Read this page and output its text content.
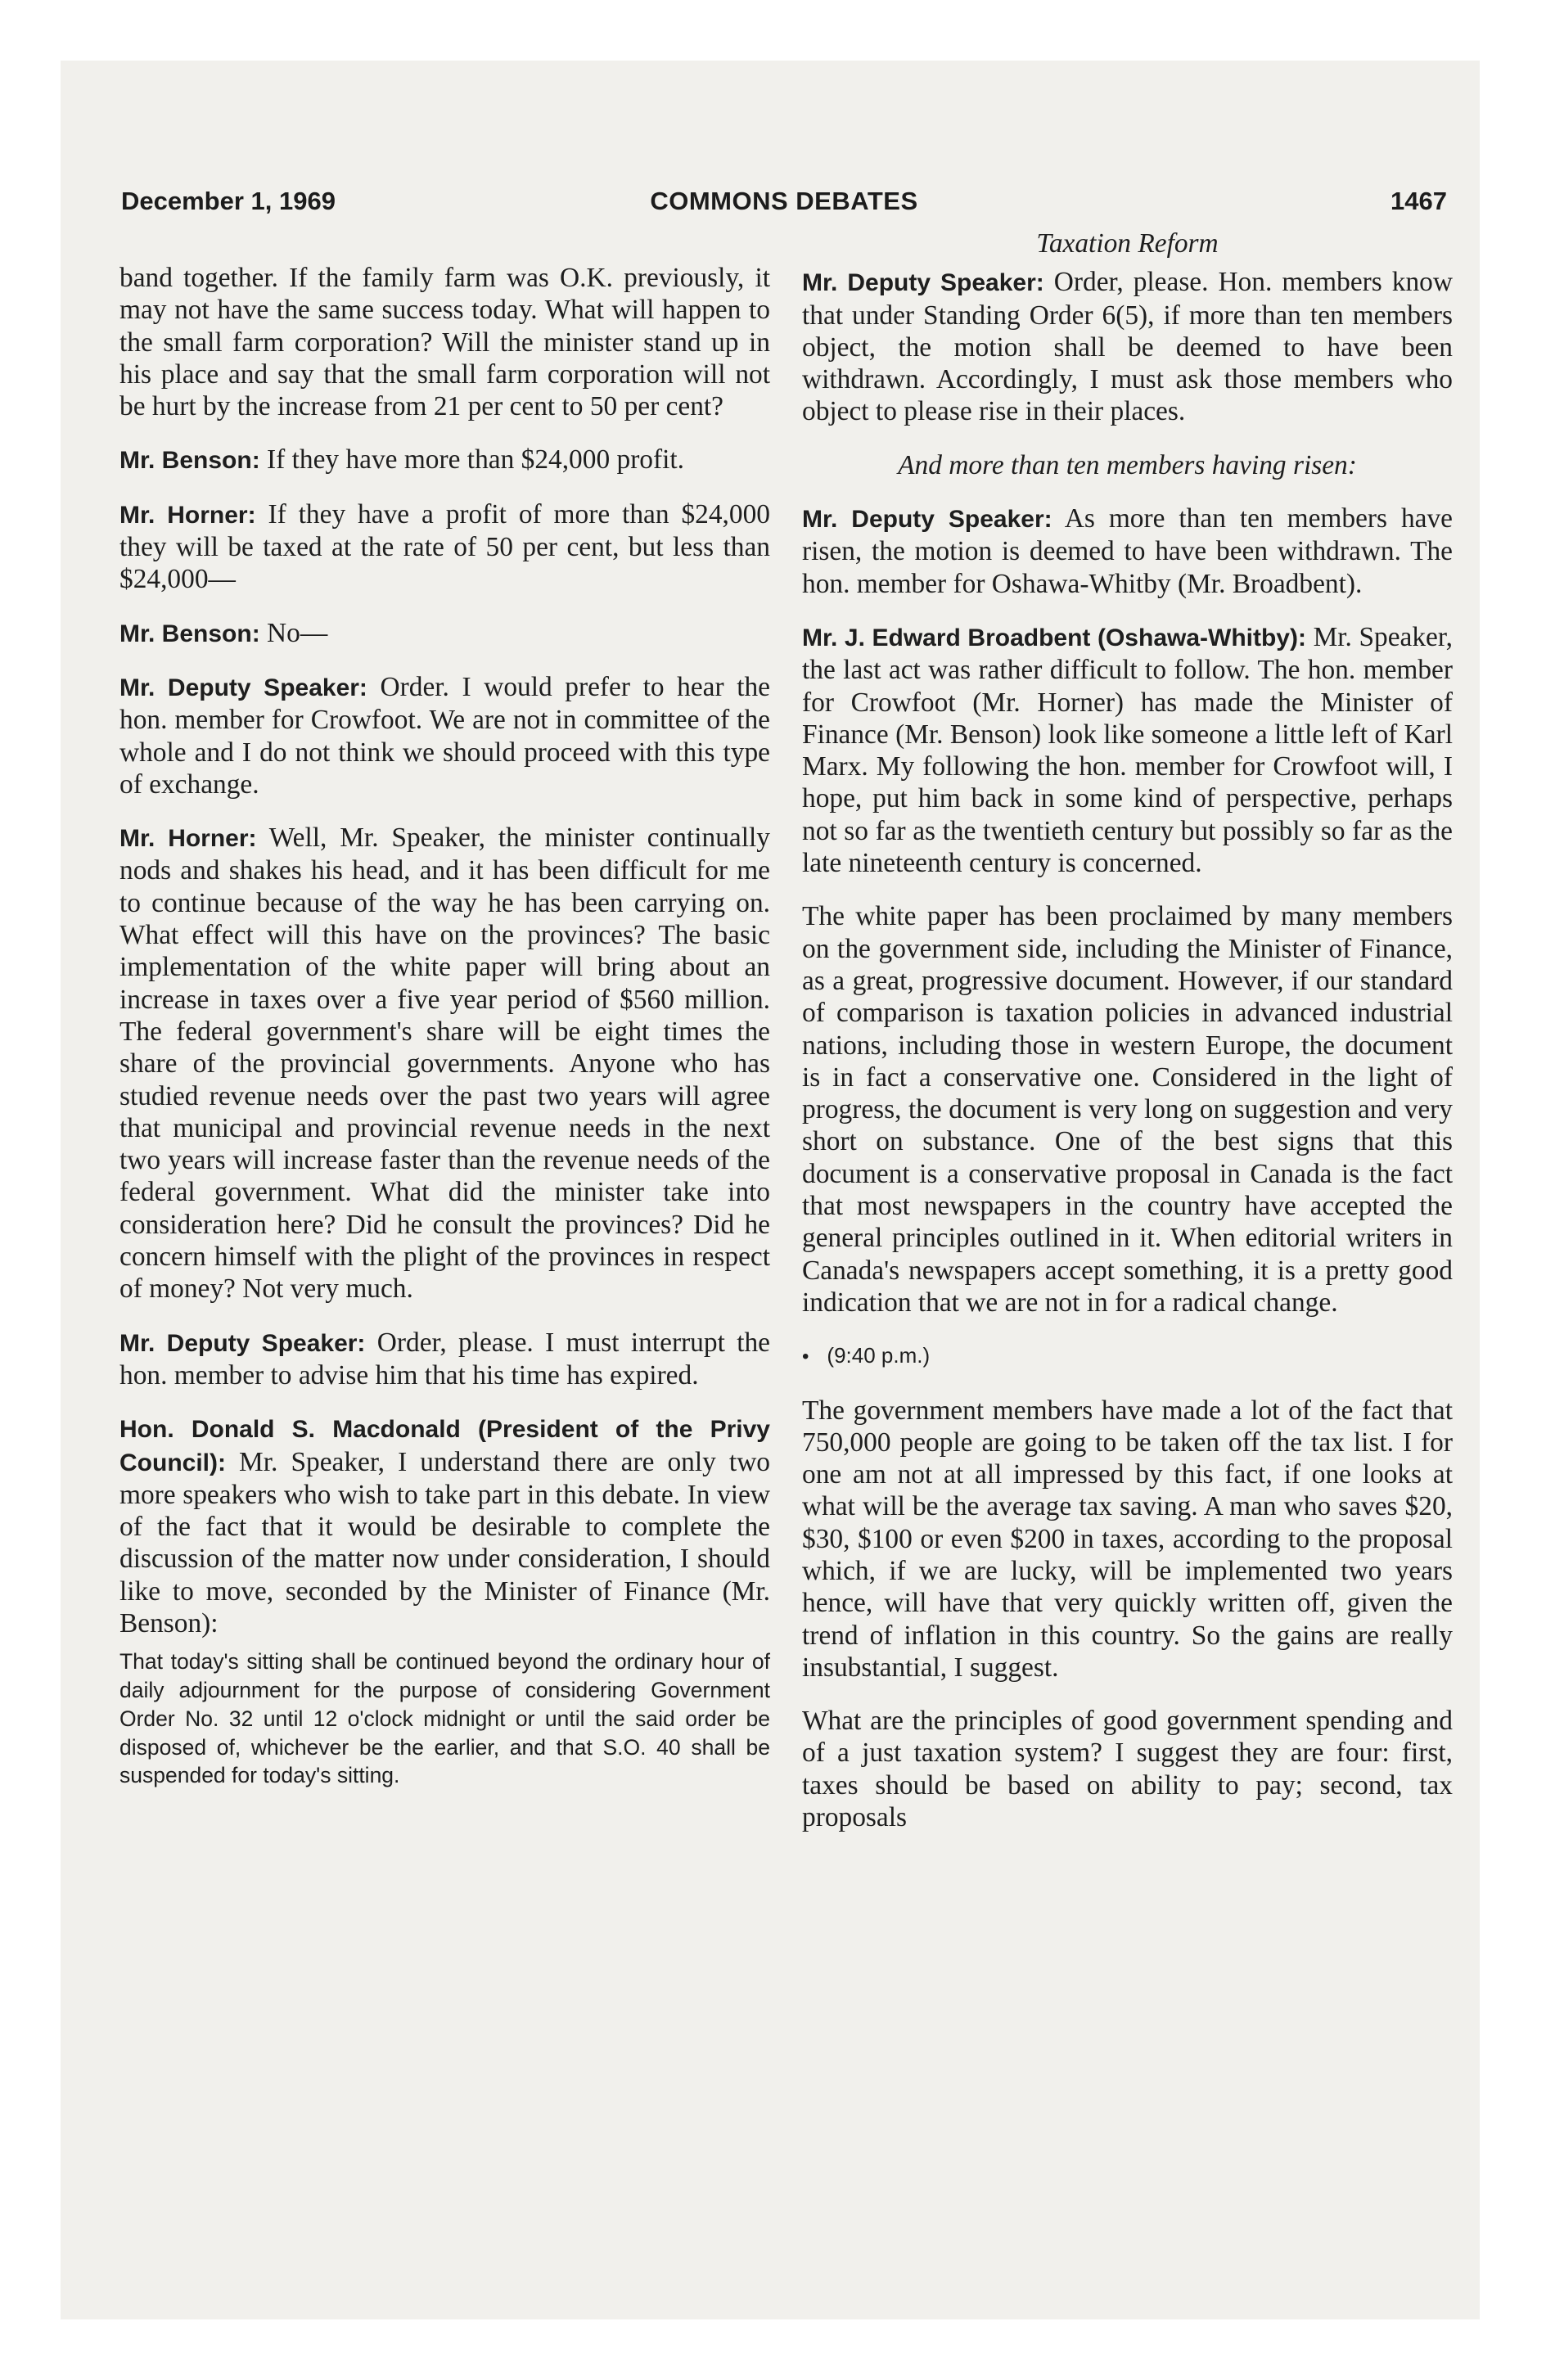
December 1, 1969	COMMONS DEBATES	1467

band together. If the family farm was O.K. previously, it may not have the same success today. What will happen to the small farm corporation? Will the minister stand up in his place and say that the small farm corporation will not be hurt by the increase from 21 per cent to 50 per cent?

Mr. Benson: If they have more than $24,000 profit.

Mr. Horner: If they have a profit of more than $24,000 they will be taxed at the rate of 50 per cent, but less than $24,000—

Mr. Benson: No—

Mr. Deputy Speaker: Order. I would prefer to hear the hon. member for Crowfoot. We are not in committee of the whole and I do not think we should proceed with this type of exchange.

Mr. Horner: Well, Mr. Speaker, the minister continually nods and shakes his head, and it has been difficult for me to continue because of the way he has been carrying on. What effect will this have on the provinces? The basic implementation of the white paper will bring about an increase in taxes over a five year period of $560 million. The federal government's share will be eight times the share of the provincial governments. Anyone who has studied revenue needs over the past two years will agree that municipal and provincial revenue needs in the next two years will increase faster than the revenue needs of the federal government. What did the minister take into consideration here? Did he consult the provinces? Did he concern himself with the plight of the provinces in respect of money? Not very much.

Mr. Deputy Speaker: Order, please. I must interrupt the hon. member to advise him that his time has expired.

Hon. Donald S. Macdonald (President of the Privy Council): Mr. Speaker, I understand there are only two more speakers who wish to take part in this debate. In view of the fact that it would be desirable to complete the discussion of the matter now under consideration, I should like to move, seconded by the Minister of Finance (Mr. Benson):

That today's sitting shall be continued beyond the ordinary hour of daily adjournment for the purpose of considering Government Order No. 32 until 12 o'clock midnight or until the said order be disposed of, whichever be the earlier, and that S.O. 40 shall be suspended for today's sitting.

Taxation Reform

Mr. Deputy Speaker: Order, please. Hon. members know that under Standing Order 6(5), if more than ten members object, the motion shall be deemed to have been withdrawn. Accordingly, I must ask those members who object to please rise in their places.

And more than ten members having risen:

Mr. Deputy Speaker: As more than ten members have risen, the motion is deemed to have been withdrawn. The hon. member for Oshawa-Whitby (Mr. Broadbent).

Mr. J. Edward Broadbent (Oshawa-Whitby): Mr. Speaker, the last act was rather difficult to follow. The hon. member for Crowfoot (Mr. Horner) has made the Minister of Finance (Mr. Benson) look like someone a little left of Karl Marx. My following the hon. member for Crowfoot will, I hope, put him back in some kind of perspective, perhaps not so far as the twentieth century but possibly so far as the late nineteenth century is concerned.

The white paper has been proclaimed by many members on the government side, including the Minister of Finance, as a great, progressive document. However, if our standard of comparison is taxation policies in advanced industrial nations, including those in western Europe, the document is in fact a conservative one. Considered in the light of progress, the document is very long on suggestion and very short on substance. One of the best signs that this document is a conservative proposal in Canada is the fact that most newspapers in the country have accepted the general principles outlined in it. When editorial writers in Canada's newspapers accept something, it is a pretty good indication that we are not in for a radical change.

• (9:40 p.m.)

The government members have made a lot of the fact that 750,000 people are going to be taken off the tax list. I for one am not at all impressed by this fact, if one looks at what will be the average tax saving. A man who saves $20, $30, $100 or even $200 in taxes, according to the proposal which, if we are lucky, will be implemented two years hence, will have that very quickly written off, given the trend of inflation in this country. So the gains are really insubstantial, I suggest.

What are the principles of good government spending and of a just taxation system? I suggest they are four: first, taxes should be based on ability to pay; second, tax proposals
